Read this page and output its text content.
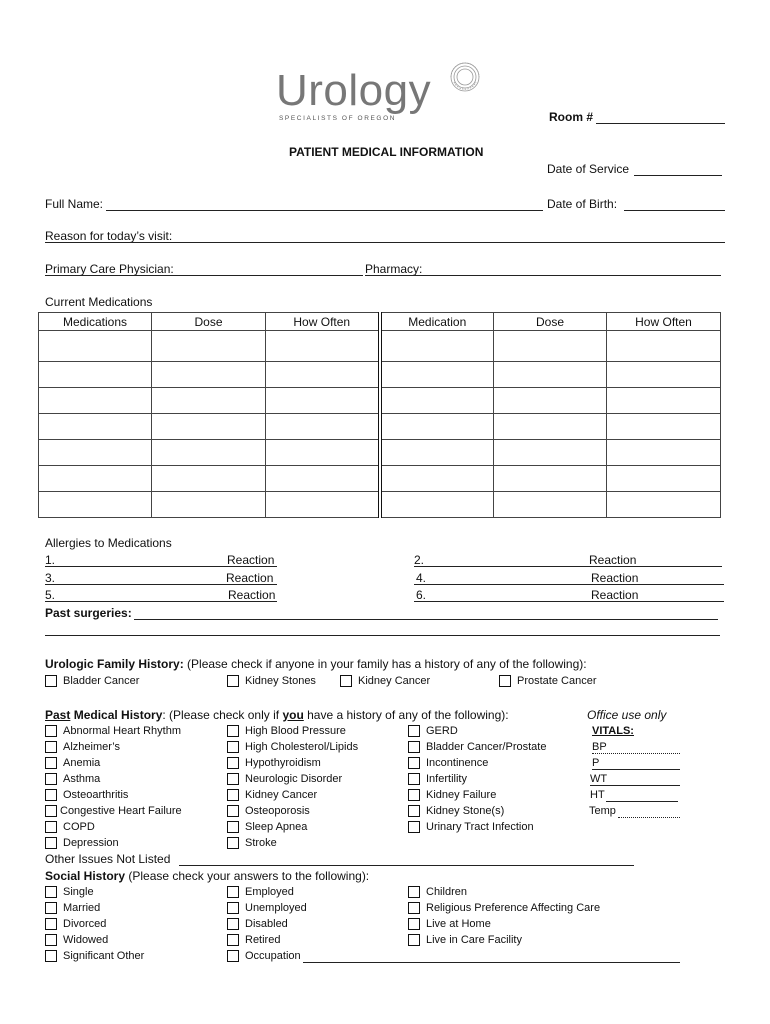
Urology
SPECIALISTS OF OREGON	Room #
PATIENT MEDICAL INFORMATION
Date of Service
Full Name:	Date of Birth:
Reason for today’s visit:
Primary Care Physician:	Pharmacy:
Current Medications
Medications	Dose	How Often	Medication	Dose	How Often

Allergies to Medications
1.	Reaction	2.	Reaction
3.	Reaction	4.	Reaction
5.	Reaction	6.	Reaction
Past surgeries:
Urologic Family History: (Please check if anyone in your family has a history of any of the following):
Bladder Cancer	Kidney Stones	Kidney Cancer	Prostate Cancer
Past Medical History: (Please check only if you have a history of any of the following):	Office use only
Abnormal Heart Rhythm
Alzheimer’s
Anemia
Asthma
Osteoarthritis
Congestive Heart Failure
COPD
Depression
High Blood Pressure
High Cholesterol/Lipids
Hypothyroidism
Neurologic Disorder
Kidney Cancer
Osteoporosis
Sleep Apnea
Stroke
GERD
Bladder Cancer/Prostate
Incontinence
Infertility
Kidney Failure
Kidney Stone(s)
Urinary Tract Infection
VITALS:
BP
P
WT
HT
Temp
Other Issues Not Listed
Social History (Please check your answers to the following):
Single
Married
Divorced
Widowed
Significant Other
Employed
Unemployed
Disabled
Retired
Occupation
Children
Religious Preference Affecting Care
Live at Home
Live in Care Facility
